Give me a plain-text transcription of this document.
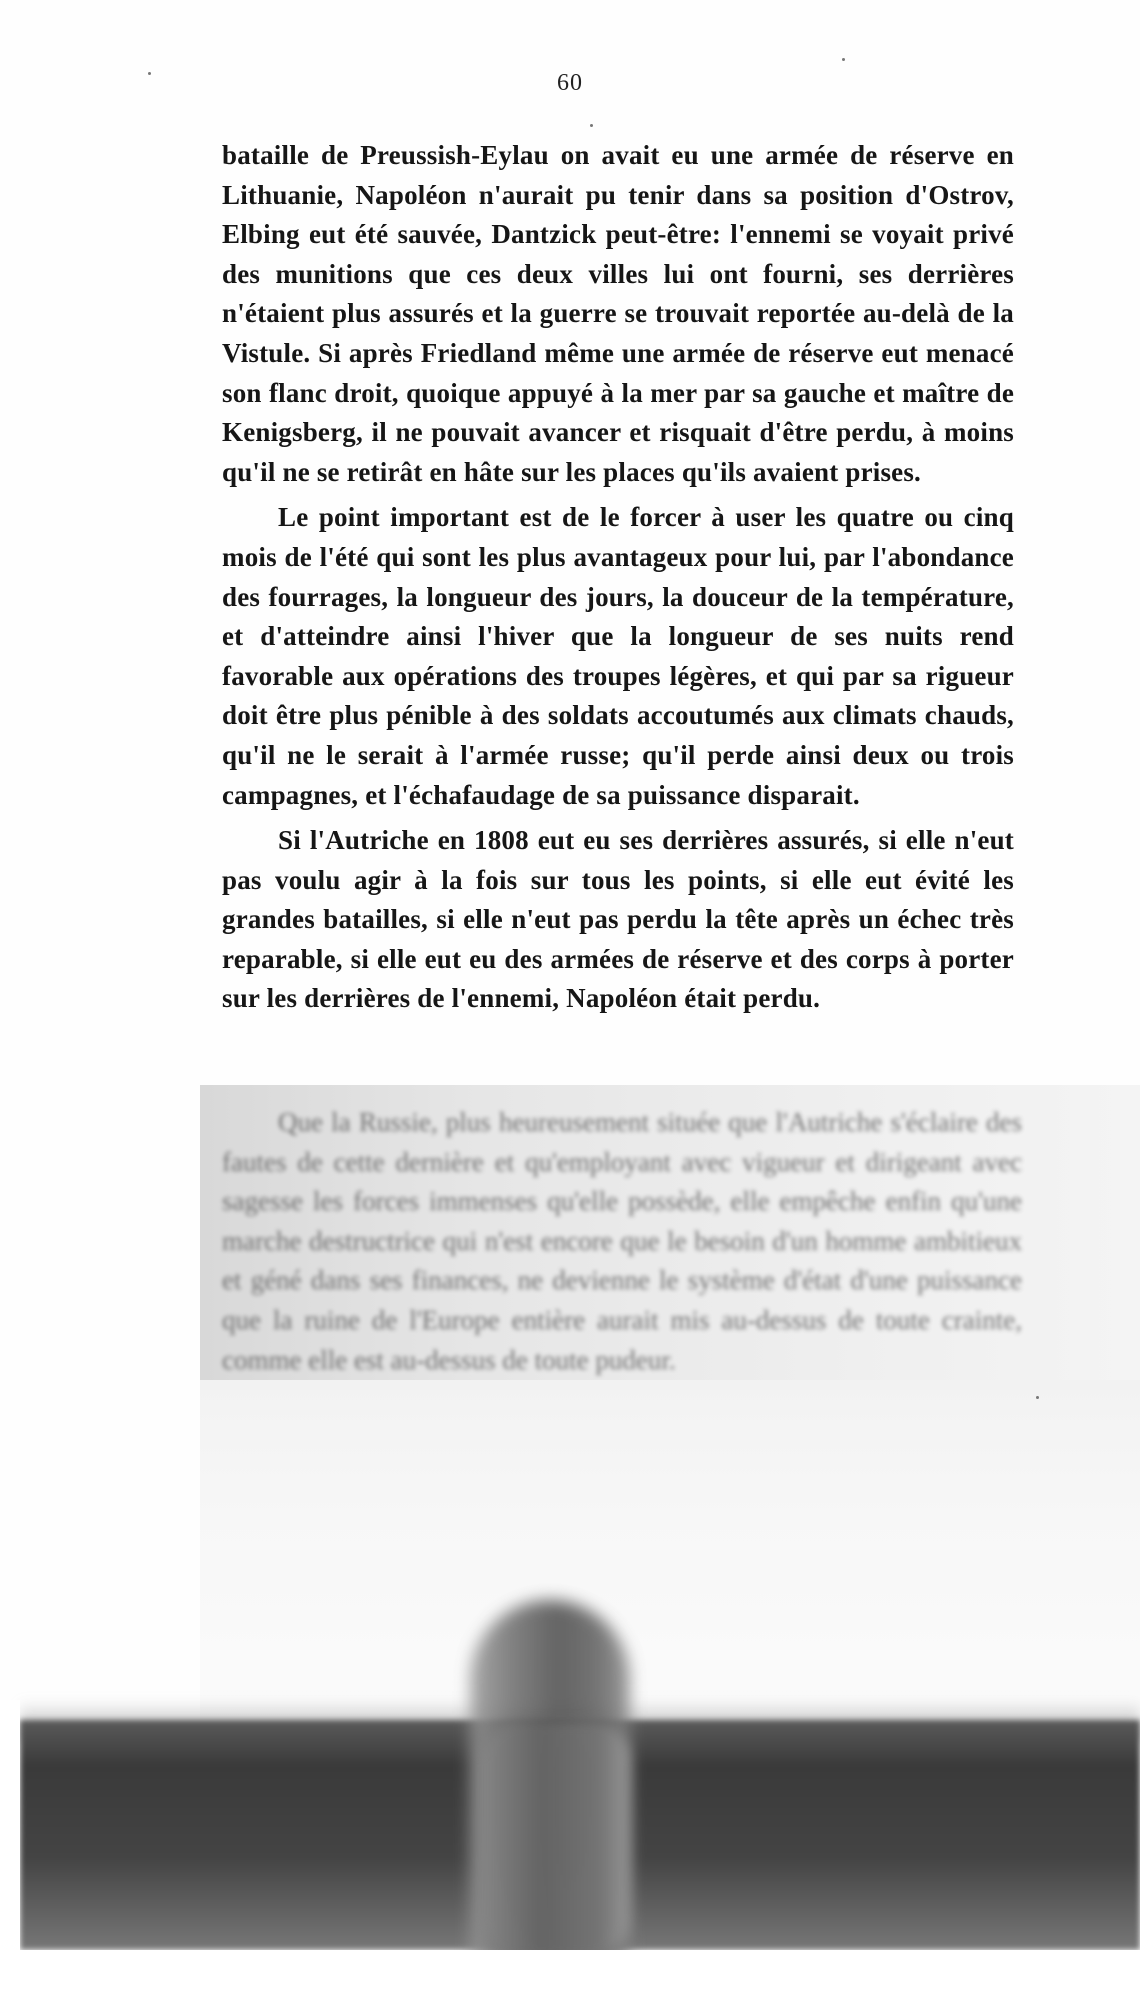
60

bataille de Preussish-Eylau on avait eu une armée de réserve en Lithuanie, Napoléon n'aurait pu tenir dans sa position d'Ostrov, Elbing eut été sauvée, Dantzick peut-être: l'ennemi se voyait privé des munitions que ces deux villes lui ont fourni, ses derrières n'étaient plus assurés et la guerre se trouvait reportée au-delà de la Vistule. Si après Friedland même une armée de réserve eut menacé son flanc droit, quoique appuyé à la mer par sa gauche et maître de Kenigsberg, il ne pouvait avancer et risquait d'être perdu, à moins qu'il ne se retirât en hâte sur les places qu'ils avaient prises.

Le point important est de le forcer à user les quatre ou cinq mois de l'été qui sont les plus avantageux pour lui, par l'abondance des fourrages, la longueur des jours, la douceur de la température, et d'atteindre ainsi l'hiver que la longueur de ses nuits rend favorable aux opérations des troupes légères, et qui par sa rigueur doit être plus pénible à des soldats accoutumés aux climats chauds, qu'il ne le serait à l'armée russe; qu'il perde ainsi deux ou trois campagnes, et l'échafaudage de sa puissance disparait.

Si l'Autriche en 1808 eut eu ses derrières assurés, si elle n'eut pas voulu agir à la fois sur tous les points, si elle eut évité les grandes batailles, si elle n'eut pas perdu la tête après un échec très reparable, si elle eut eu des armées de réserve et des corps à porter sur les derrières de l'ennemi, Napoléon était perdu.

Que la Russie, plus heureusement située que l'Autriche s'éclaire des fautes de cette dernière et qu'employant avec vigueur et dirigeant avec sagesse les forces immenses qu'elle possède, elle empêche enfin qu'une marche destructrice qui n'est encore que le besoin d'un homme ambitieux et géné dans ses finances, ne devienne le système d'état d'une puissance que la ruine de l'Europe entière aurait mis au-dessus de toute crainte, comme elle est au-dessus de toute pudeur.
